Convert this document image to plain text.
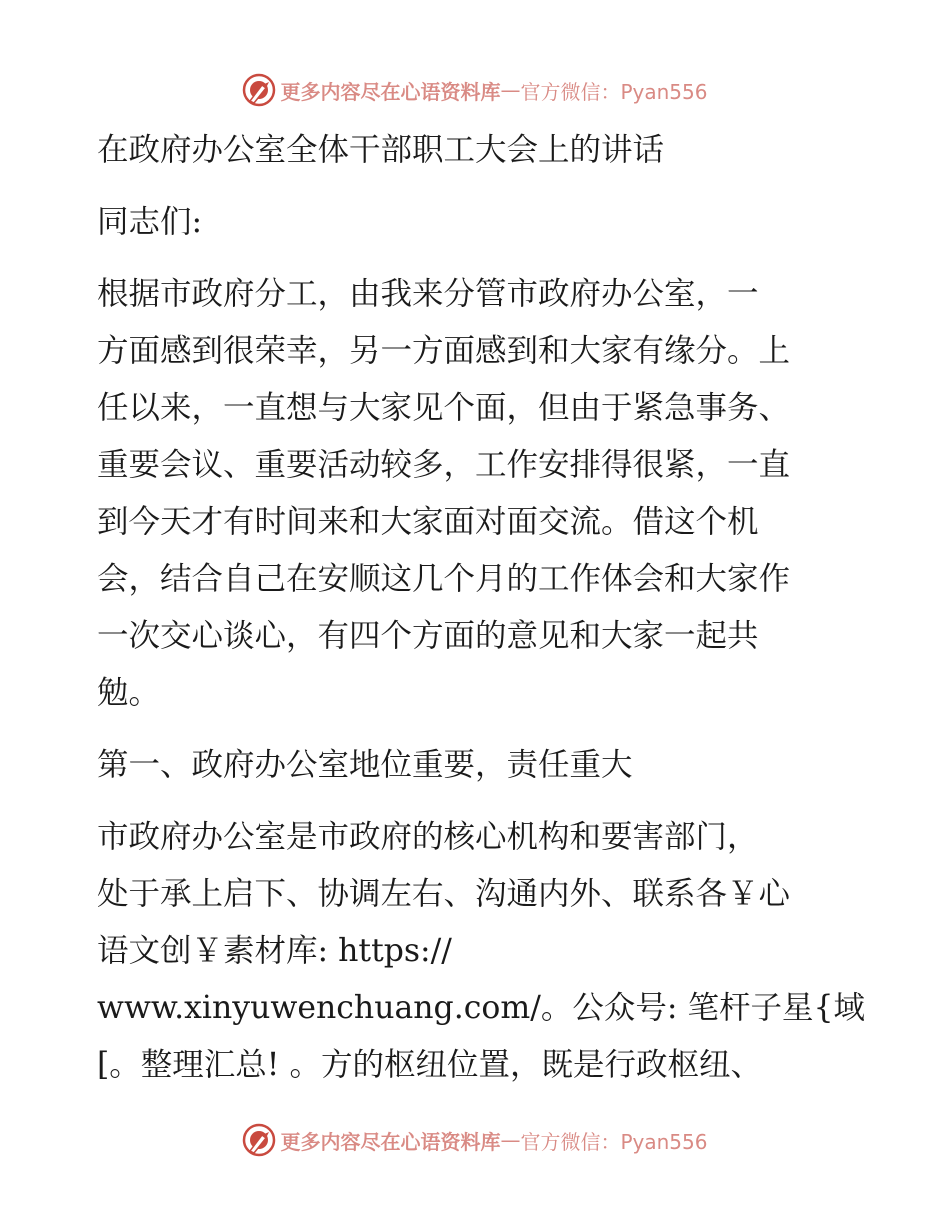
更多内容尽在心语资料库 — 官方微信：Pyan556
在政府办公室全体干部职工大会上的讲话
同志们:
根据市政府分工，由我来分管市政府办公室，一
方面感到很荣幸，另一方面感到和大家有缘分。上
任以来，一直想与大家见个面，但由于紧急事务、
重要会议、重要活动较多，工作安排得很紧，一直
到今天才有时间来和大家面对面交流。借这个机
会，结合自己在安顺这几个月的工作体会和大家作
一次交心谈心，有四个方面的意见和大家一起共
勉。
第一、政府办公室地位重要，责任重大
市政府办公室是市政府的核心机构和要害部门，
处于承上启下、协调左右、沟通内外、联系各￥心
语文创￥素材库: https://
www.xinyuwenchuang.com/。公众号: 笔杆子星{域
[。整理汇总! 。方的枢纽位置，既是行政枢纽、
更多内容尽在心语资料库 — 官方微信：Pyan556
